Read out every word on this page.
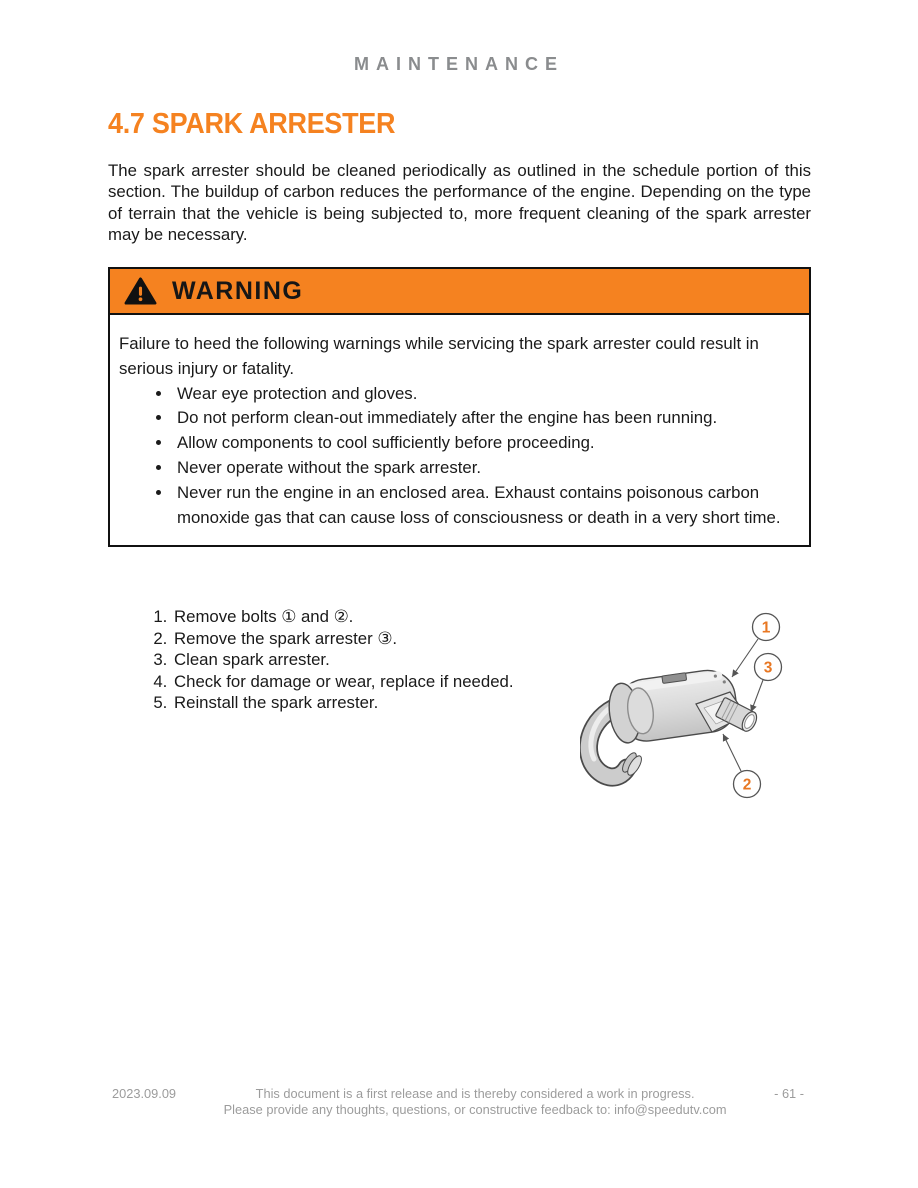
MAINTENANCE
4.7 SPARK ARRESTER

The spark arrester should be cleaned periodically as outlined in the schedule portion of this section. The buildup of carbon reduces the performance of the engine. Depending on the type of terrain that the vehicle is being subjected to, more frequent cleaning of the spark arrester may be necessary.

WARNING

Failure to heed the following warnings while servicing the spark arrester could result in serious injury or fatality.

• Wear eye protection and gloves.
• Do not perform clean-out immediately after the engine has been running.
• Allow components to cool sufficiently before proceeding.
• Never operate without the spark arrester.
• Never run the engine in an enclosed area. Exhaust contains poisonous carbon monoxide gas that can cause loss of consciousness or death in a very short time.
1. Remove bolts ① and ②.
2. Remove the spark arrester ③.
3. Clean spark arrester.
4. Check for damage or wear, replace if needed.
5. Reinstall the spark arrester.
1
3
2
2023.09.09	This document is a first release and is thereby considered a work in progress.
Please provide any thoughts, questions, or constructive feedback to: info@speedutv.com
- 61 -
